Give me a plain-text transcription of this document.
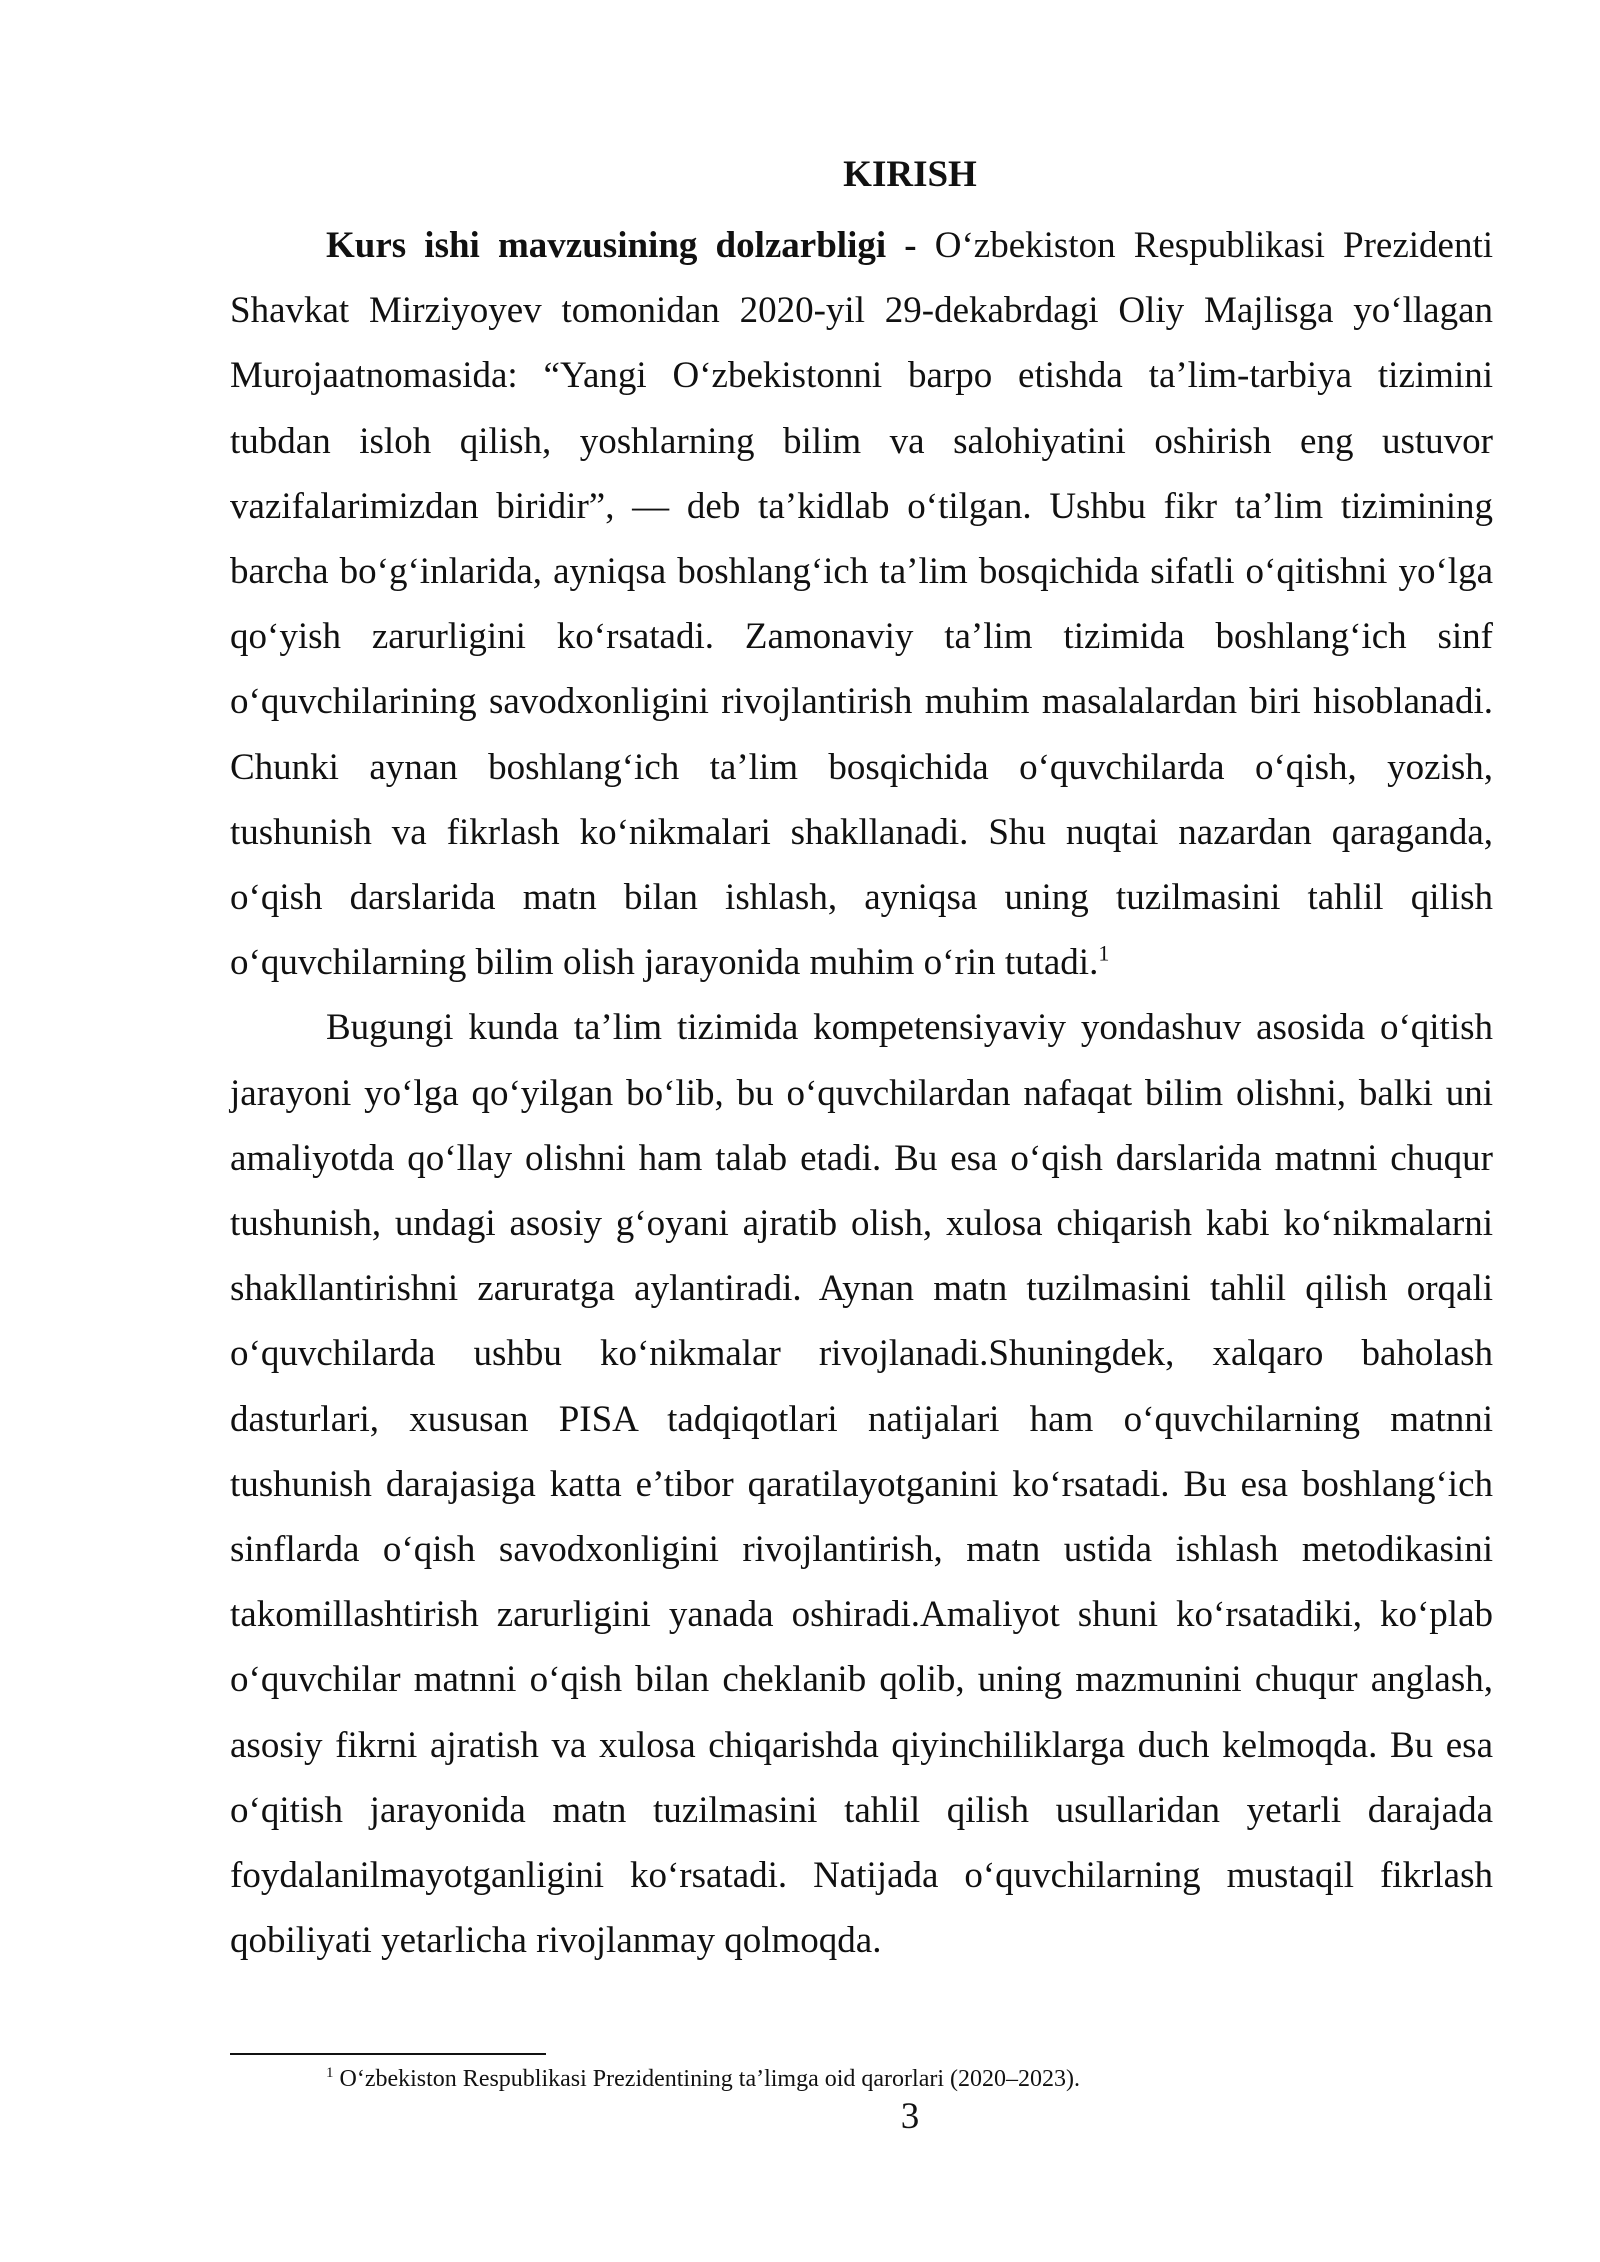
KIRISH

Kurs ishi mavzusining dolzarbligi - Oʻzbekiston Respublikasi Prezidenti Shavkat Mirziyoyev tomonidan 2020-yil 29-dekabrdagi Oliy Majlisga yoʻllagan Murojaatnomasida: “Yangi Oʻzbekistonni barpo etishda ta’lim-tarbiya tizimini tubdan isloh qilish, yoshlarning bilim va salohiyatini oshirish eng ustuvor vazifalarimizdan biridir”, — deb ta’kidlab oʻtilgan. Ushbu fikr ta’lim tizimining barcha boʻgʻinlarida, ayniqsa boshlangʻich ta’lim bosqichida sifatli oʻqitishni yoʻlga qoʻyish zarurligini koʻrsatadi. Zamonaviy ta’lim tizimida boshlangʻich sinf oʻquvchilarining savodxonligini rivojlantirish muhim masalalardan biri hisoblanadi. Chunki aynan boshlangʻich ta’lim bosqichida oʻquvchilarda oʻqish, yozish, tushunish va fikrlash koʻnikmalari shakllanadi. Shu nuqtai nazardan qaraganda, oʻqish darslarida matn bilan ishlash, ayniqsa uning tuzilmasini tahlil qilish oʻquvchilarning bilim olish jarayonida muhim oʻrin tutadi.$^1$

Bugungi kunda ta’lim tizimida kompetensiyaviy yondashuv asosida oʻqitish jarayoni yoʻlga qoʻyilgan boʻlib, bu oʻquvchilardan nafaqat bilim olishni, balki uni amaliyotda qoʻllay olishni ham talab etadi. Bu esa oʻqish darslarida matnni chuqur tushunish, undagi asosiy gʻoyani ajratib olish, xulosa chiqarish kabi koʻnikmalarni shakllantirishni zaruratga aylantiradi. Aynan matn tuzilmasini tahlil qilish orqali oʻquvchilarda ushbu koʻnikmalar rivojlanadi.Shuningdek, xalqaro baholash dasturlari, xususan PISA tadqiqotlari natijalari ham oʻquvchilarning matnni tushunish darajasiga katta e’tibor qaratilayotganini koʻrsatadi. Bu esa boshlangʻich sinflarda oʻqish savodxonligini rivojlantirish, matn ustida ishlash metodikasini takomillashtirish zarurligini yanada oshiradi.Amaliyot shuni koʻrsatadiki, koʻplab oʻquvchilar matnni oʻqish bilan cheklanib qolib, uning mazmunini chuqur anglash, asosiy fikrni ajratish va xulosa chiqarishda qiyinchiliklarga duch kelmoqda. Bu esa oʻqitish jarayonida matn tuzilmasini tahlil qilish usullaridan yetarli darajada foydalanilmayotganligini koʻrsatadi. Natijada oʻquvchilarning mustaqil fikrlash qobiliyati yetarlicha rivojlanmay qolmoqda.

$^1$ Oʻzbekiston Respublikasi Prezidentining ta’limga oid qarorlari (2020–2023).

3
